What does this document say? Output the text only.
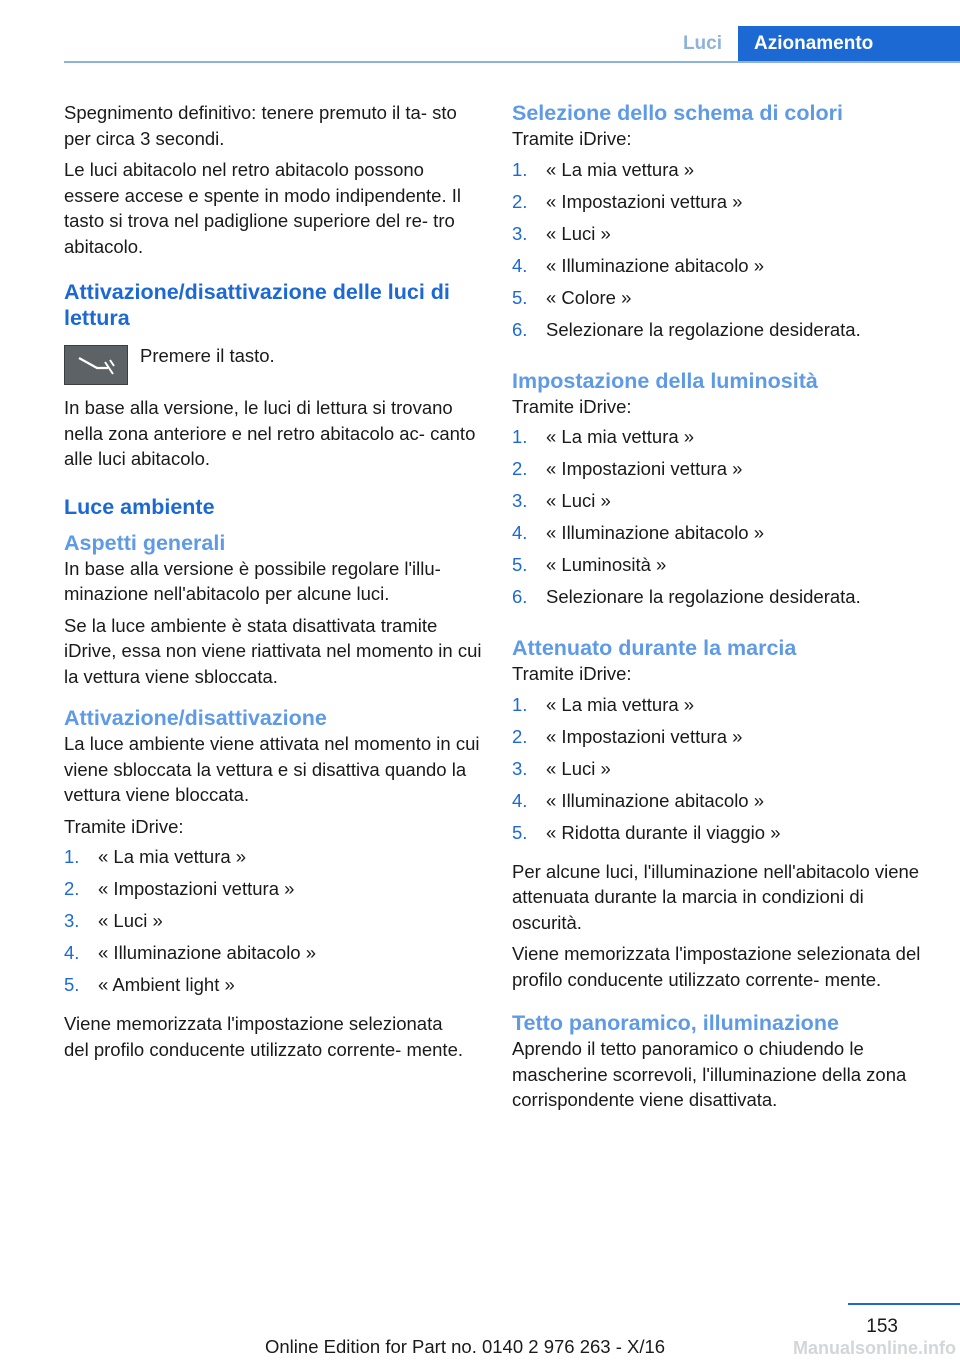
Luci	Azionamento

Spegnimento definitivo: tenere premuto il ta- sto per circa 3 secondi.

Le luci abitacolo nel retro abitacolo possono essere accese e spente in modo indipendente. Il tasto si trova nel padiglione superiore del re- tro abitacolo.

Attivazione/disattivazione delle luci di lettura
Premere il tasto.

In base alla versione, le luci di lettura si trovano nella zona anteriore e nel retro abitacolo ac- canto alle luci abitacolo.

Luce ambiente
Aspetti generali

In base alla versione è possibile regolare l'illu- minazione nell'abitacolo per alcune luci.

Se la luce ambiente è stata disattivata tramite iDrive, essa non viene riattivata nel momento in cui la vettura viene sbloccata.

Attivazione/disattivazione

La luce ambiente viene attivata nel momento in cui viene sbloccata la vettura e si disattiva quando la vettura viene bloccata.

Tramite iDrive:

1.	« La mia vettura »
2.	« Impostazioni vettura »
3.	« Luci »
4.	« Illuminazione abitacolo »
5.	« Ambient light »

Viene memorizzata l'impostazione selezionata del profilo conducente utilizzato corrente- mente.

Selezione dello schema di colori

Tramite iDrive:

1.	« La mia vettura »
2.	« Impostazioni vettura »
3.	« Luci »
4.	« Illuminazione abitacolo »
5.	« Colore »
6.	Selezionare la regolazione desiderata.
Impostazione della luminosità

Tramite iDrive:

1.	« La mia vettura »
2.	« Impostazioni vettura »
3.	« Luci »
4.	« Illuminazione abitacolo »
5.	« Luminosità »
6.	Selezionare la regolazione desiderata.
Attenuato durante la marcia

Tramite iDrive:

1.	« La mia vettura »
2.	« Impostazioni vettura »
3.	« Luci »
4.	« Illuminazione abitacolo »
5.	« Ridotta durante il viaggio »

Per alcune luci, l'illuminazione nell'abitacolo viene attenuata durante la marcia in condizioni di oscurità.

Viene memorizzata l'impostazione selezionata del profilo conducente utilizzato corrente- mente.

Tetto panoramico, illuminazione

Aprendo il tetto panoramico o chiudendo le mascherine scorrevoli, l'illuminazione della zona corrispondente viene disattivata.

153
Online Edition for Part no. 0140 2 976 263 - X/16	Manualsonline.info
